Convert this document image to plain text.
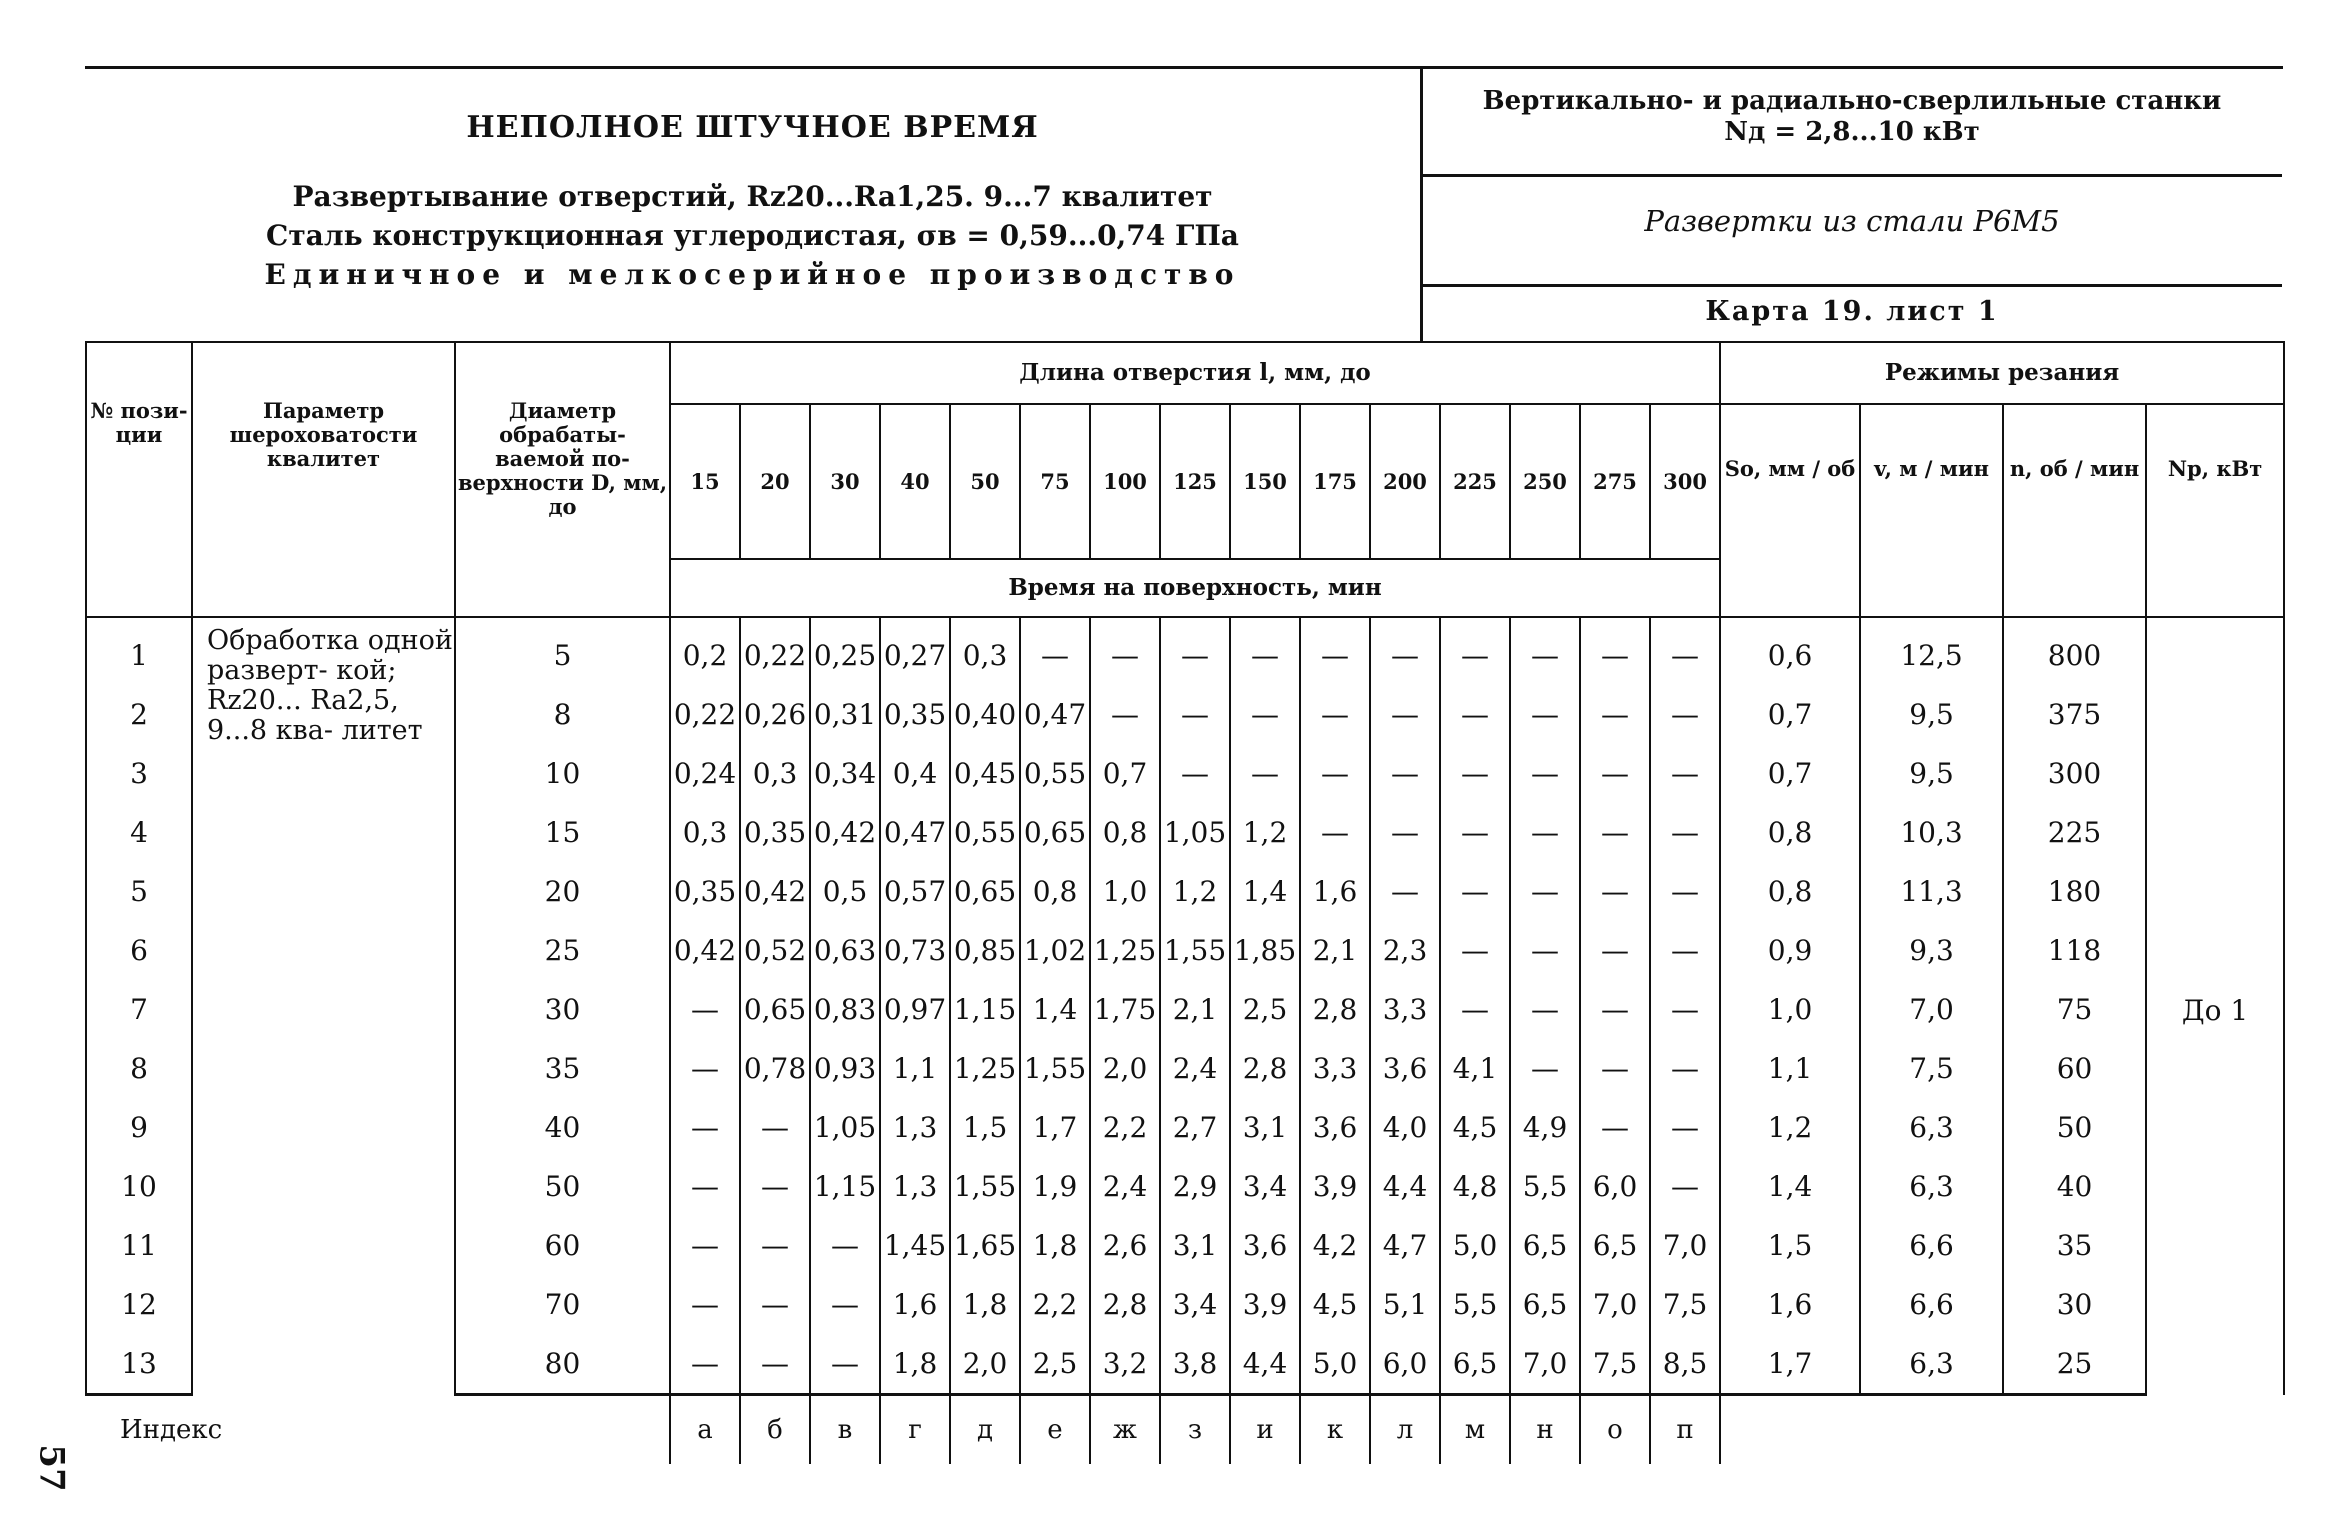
НЕПОЛНОЕ ШТУЧНОЕ ВРЕМЯ
Развертывание отверстий, Rz20...Ra1,25. 9...7 квалитет
Сталь конструкционная углеродистая, σв = 0,59...0,74 ГПа
Единичное и мелкосерийное производство
Вертикально- и радиально-сверлильные станки
Nд = 2,8...10 кВт
Развертки из стали Р6М5
Карта 19. лист 1
№ пози- ции	Параметр шероховатости квалитет	Диаметр обрабаты- ваемой по- верхности D, мм, до	Длина отверстия l, мм, до															Режимы резания			
			15	20	30	40	50	75	100	125	150	175	200	225	250	275	300	Sо, мм / об	v, м / мин	n, об / мин	Nр, кВт
			Время на поверхность, мин																		
1	Обработка одной разверт- кой; Rz20... Ra2,5, 9...8 ква- литет	5	0,2	0,22	0,25	0,27	0,3	—	—	—	—	—	—	—	—	—	—	0,6	12,5	800	До 1
2		8	0,22	0,26	0,31	0,35	0,40	0,47	—	—	—	—	—	—	—	—	—	0,7	9,5	375	
3		10	0,24	0,3	0,34	0,4	0,45	0,55	0,7	—	—	—	—	—	—	—	—	0,7	9,5	300	
4		15	0,3	0,35	0,42	0,47	0,55	0,65	0,8	1,05	1,2	—	—	—	—	—	—	0,8	10,3	225	
5		20	0,35	0,42	0,5	0,57	0,65	0,8	1,0	1,2	1,4	1,6	—	—	—	—	—	0,8	11,3	180	
6		25	0,42	0,52	0,63	0,73	0,85	1,02	1,25	1,55	1,85	2,1	2,3	—	—	—	—	0,9	9,3	118	
7		30	—	0,65	0,83	0,97	1,15	1,4	1,75	2,1	2,5	2,8	3,3	—	—	—	—	1,0	7,0	75	
8		35	—	0,78	0,93	1,1	1,25	1,55	2,0	2,4	2,8	3,3	3,6	4,1	—	—	—	1,1	7,5	60	
9		40	—	—	1,05	1,3	1,5	1,7	2,2	2,7	3,1	3,6	4,0	4,5	4,9	—	—	1,2	6,3	50	
10		50	—	—	1,15	1,3	1,55	1,9	2,4	2,9	3,4	3,9	4,4	4,8	5,5	6,0	—	1,4	6,3	40	
11		60	—	—	—	1,45	1,65	1,8	2,6	3,1	3,6	4,2	4,7	5,0	6,5	6,5	7,0	1,5	6,6	35	
12		70	—	—	—	1,6	1,8	2,2	2,8	3,4	3,9	4,5	5,1	5,5	6,5	7,0	7,5	1,6	6,6	30	
13		80	—	—	—	1,8	2,0	2,5	3,2	3,8	4,4	5,0	6,0	6,5	7,0	7,5	8,5	1,7	6,3	25	
Индекс			а	б	в	г	д	е	ж	з	и	к	л	м	н	о	п				
57
